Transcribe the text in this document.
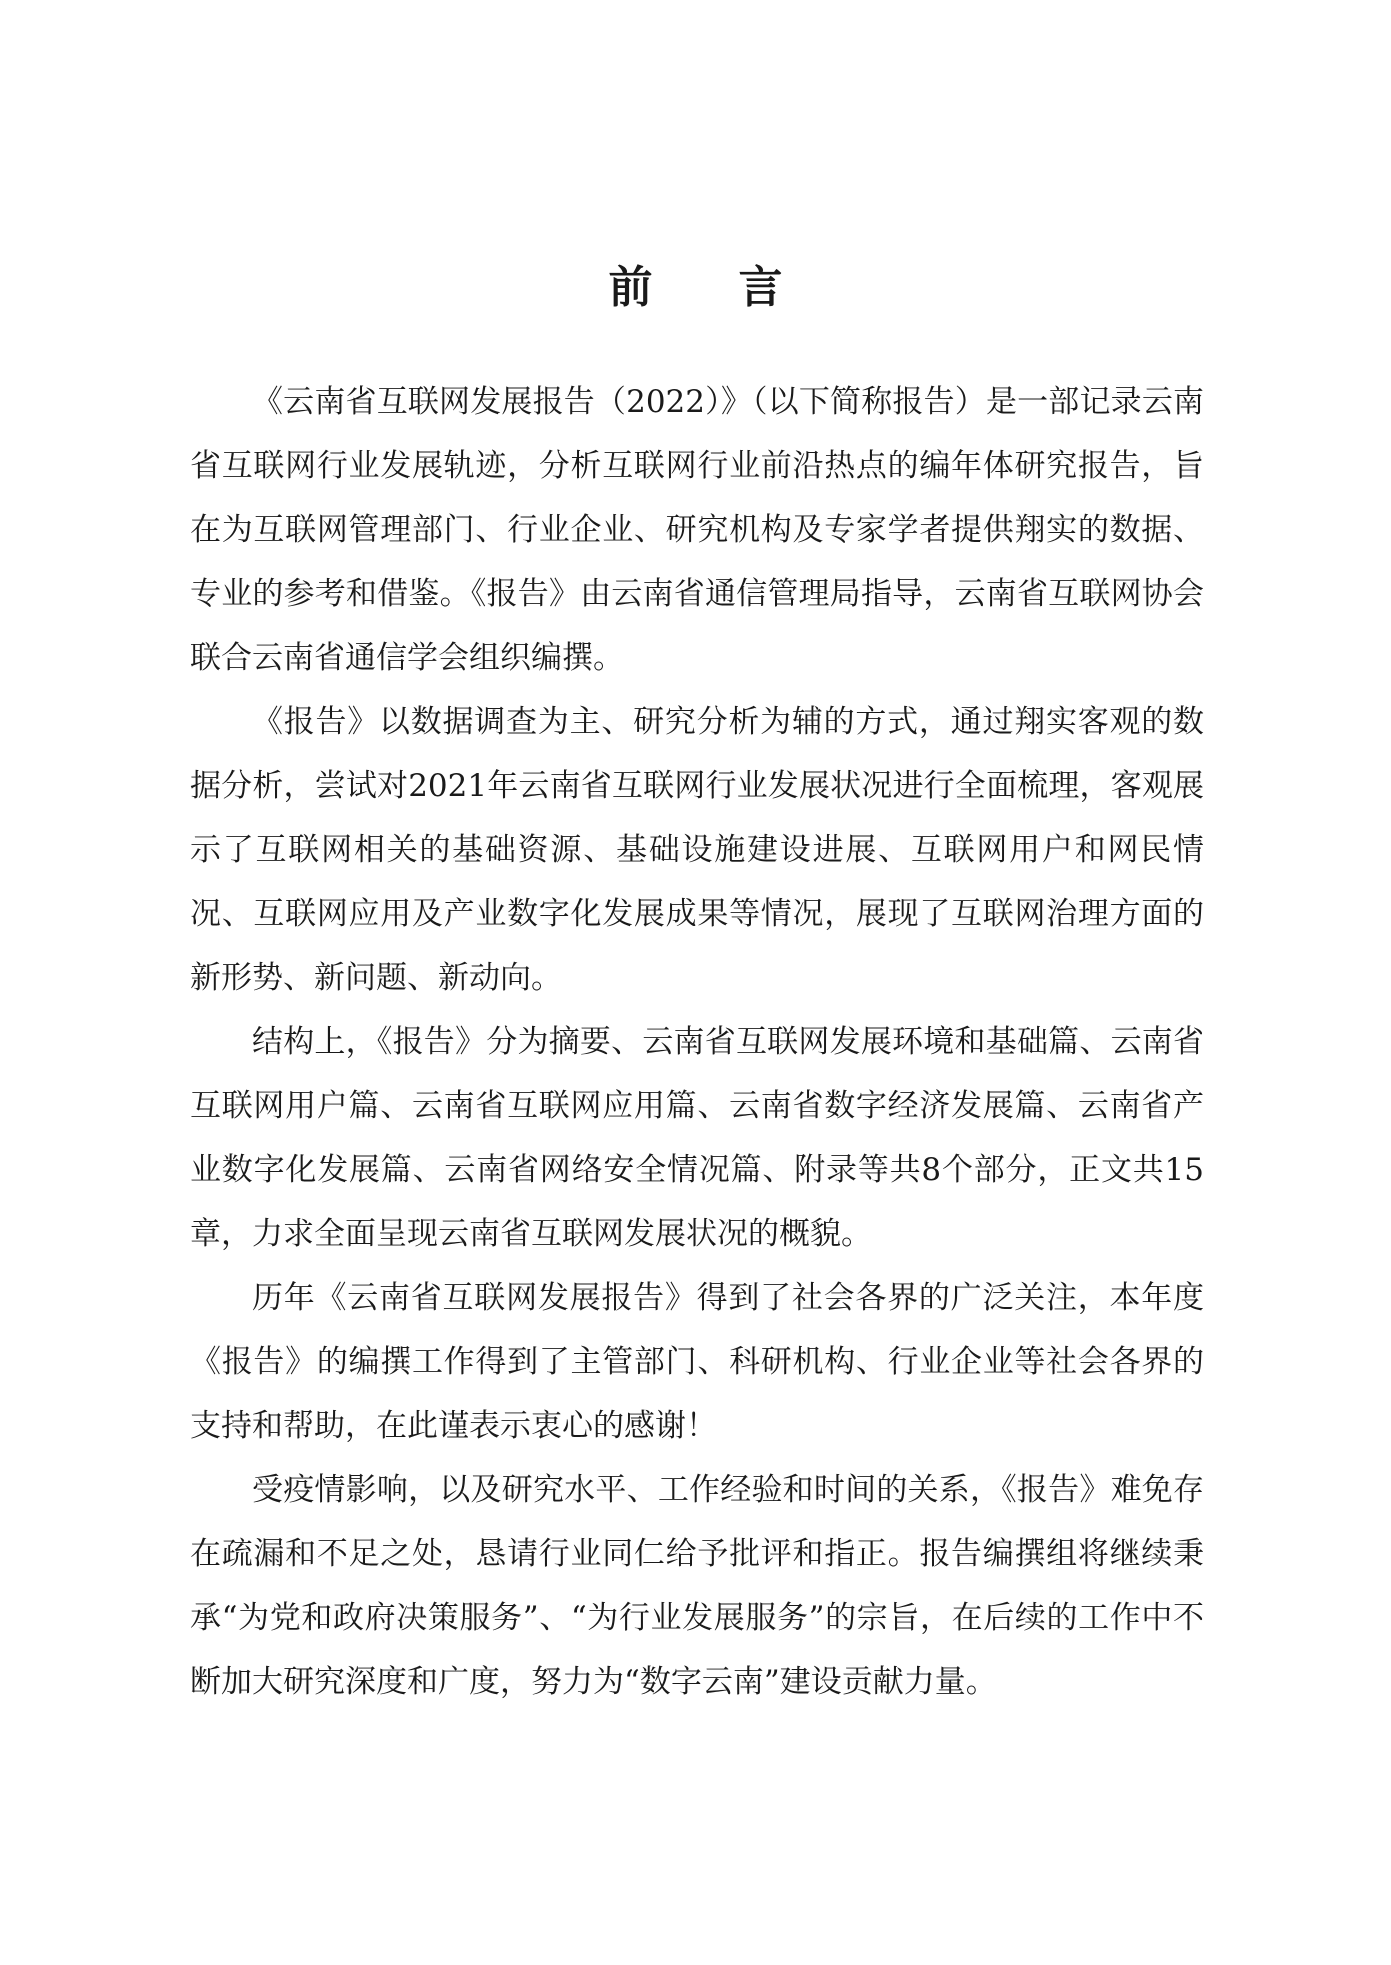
前言

《云南省互联网发展报告（2022）》（以下简称报告）是一部记录云南省互联网行业发展轨迹，分析互联网行业前沿热点的编年体研究报告，旨在为互联网管理部门、行业企业、研究机构及专家学者提供翔实的数据、专业的参考和借鉴。《报告》由云南省通信管理局指导，云南省互联网协会联合云南省通信学会组织编撰。

《报告》以数据调查为主、研究分析为辅的方式，通过翔实客观的数据分析，尝试对2021年云南省互联网行业发展状况进行全面梳理，客观展示了互联网相关的基础资源、基础设施建设进展、互联网用户和网民情况、互联网应用及产业数字化发展成果等情况，展现了互联网治理方面的新形势、新问题、新动向。

结构上，《报告》分为摘要、云南省互联网发展环境和基础篇、云南省互联网用户篇、云南省互联网应用篇、云南省数字经济发展篇、云南省产业数字化发展篇、云南省网络安全情况篇、附录等共8个部分，正文共15章，力求全面呈现云南省互联网发展状况的概貌。

历年《云南省互联网发展报告》得到了社会各界的广泛关注，本年度《报告》的编撰工作得到了主管部门、科研机构、行业企业等社会各界的支持和帮助，在此谨表示衷心的感谢！

受疫情影响，以及研究水平、工作经验和时间的关系，《报告》难免存在疏漏和不足之处，恳请行业同仁给予批评和指正。报告编撰组将继续秉承“为党和政府决策服务”、“为行业发展服务”的宗旨，在后续的工作中不断加大研究深度和广度，努力为“数字云南”建设贡献力量。
